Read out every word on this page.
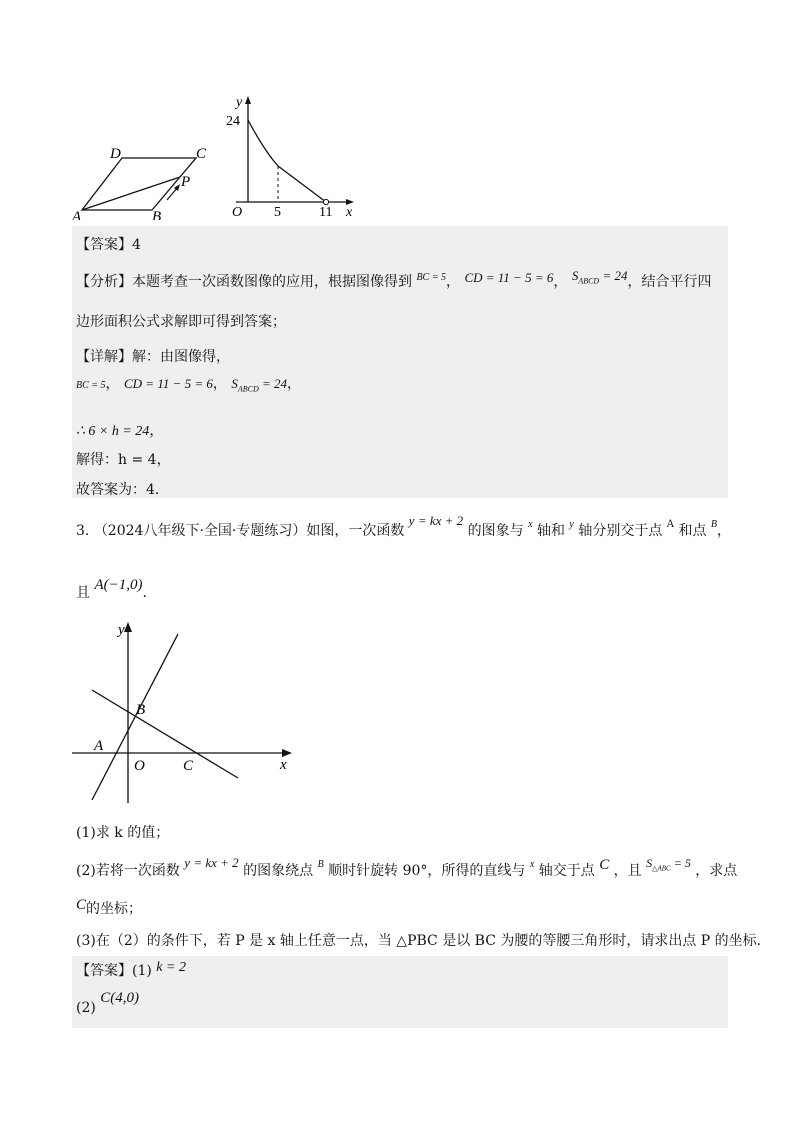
A	B
C
D
P
y
x
O
24
5	11
【答案】4
【分析】本题考查一次函数图像的应用，根据图像得到 $^{BC = 5}$， CD = 11 − 5 = 6， $S_{ABCD} = 24$，结合平行四
边形面积公式求解即可得到答案；
【详解】解：由图像得，
BC = 5， CD = 11 − 5 = 6， $S_{ABCD} = 24$，
∴ 6 × h = 24，
解得：h = 4，
故答案为：4.
3. （2024八年级下·全国·专题练习）如图，一次函数 y = kx + 2 的图象与 $^x$ 轴和 $^y$ 轴分别交于点 $^A$ 和点 $^B$，
且 A(−1,0).
y
x
O
A
B
C
(1)求 k 的值；
(2)若将一次函数 y = kx + 2 的图象绕点 $^B$ 顺时针旋转 90°，所得的直线与 $^x$ 轴交于点 C ，且 $S_{\triangle ABC} = 5$ ，求点
C的坐标；
(3)在（2）的条件下，若 P 是 x 轴上任意一点，当 △PBC 是以 BC 为腰的等腰三角形时，请求出点 P 的坐标.
【答案】(1) k = 2
(2) C(4,0)
